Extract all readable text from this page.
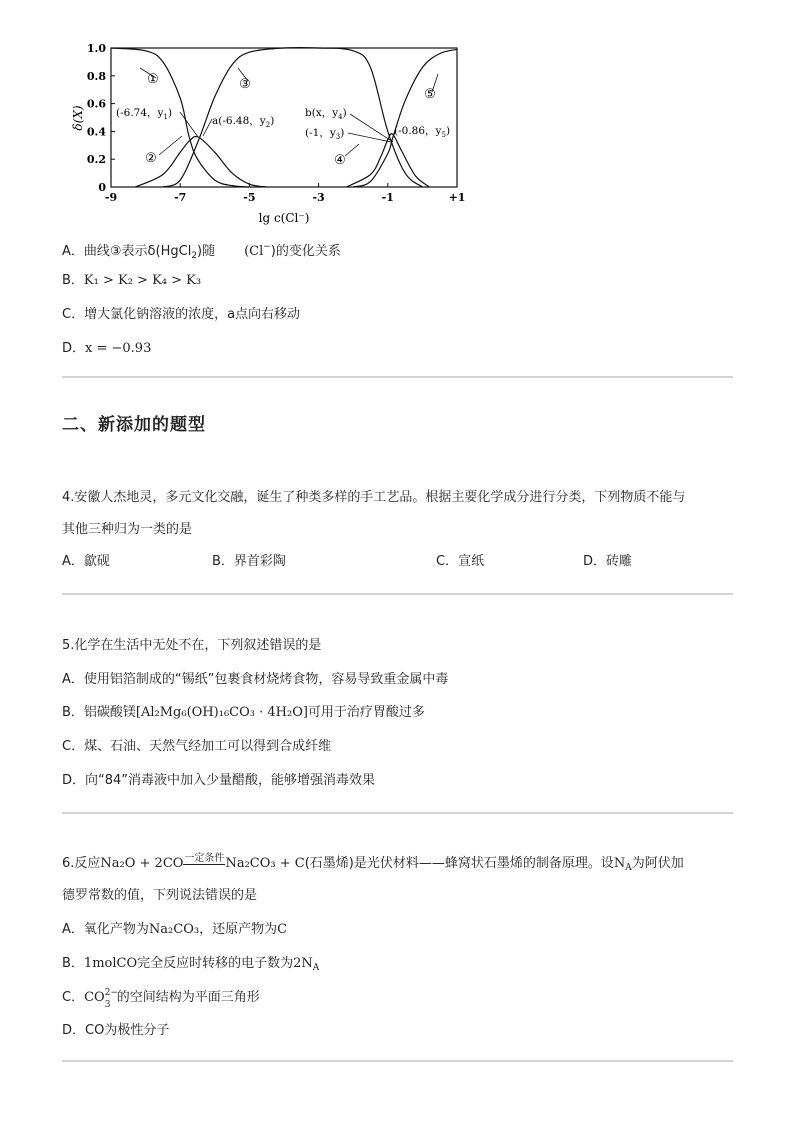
δ(X)
lg c(Cl⁻)
0
0.2
0.4
0.6
0.8
1.0
-9	-7	-5	-3	-1	+1
①
②
③
④
⑤
(-6.74，$y_1$)
a(-6.48，$y_2$)
b(x，$y_4$)
(-1，$y_3$)	(-0.86，$y_5$)
A．曲线③表示δ(HgCl$_2$)随 (Cl−)的变化关系
B．K₁ > K₂ > K₄ > K₃
C．增大氯化钠溶液的浓度，a点向右移动
D．x = −0.93
二、新添加的题型
4.安徽人杰地灵，多元文化交融，诞生了种类多样的手工艺品。根据主要化学成分进行分类，下列物质不能与
其他三种归为一类的是
A．歙砚	B．界首彩陶	C．宣纸	D．砖雕
5.化学在生活中无处不在，下列叙述错误的是
A．使用铝箔制成的“锡纸”包裹食材烧烤食物，容易导致重金属中毒
B．铝碳酸镁[Al₂Mg₆(OH)₁₆CO₃ · 4H₂O]可用于治疗胃酸过多
C．煤、石油、天然气经加工可以得到合成纤维
D．向“84”消毒液中加入少量醋酸，能够增强消毒效果
6.反应Na₂O + 2CO一定条件Na₂CO₃ + C(石墨烯)是光伏材料——蜂窝状石墨烯的制备原理。设$N_A$为阿伏加
德罗常数的值，下列说法错误的是
A．氧化产物为Na₂CO₃，还原产物为C
B．1molCO完全反应时转移的电子数为$2N_A$
C．CO 2−
3 的空间结构为平面三角形
D．CO为极性分子
